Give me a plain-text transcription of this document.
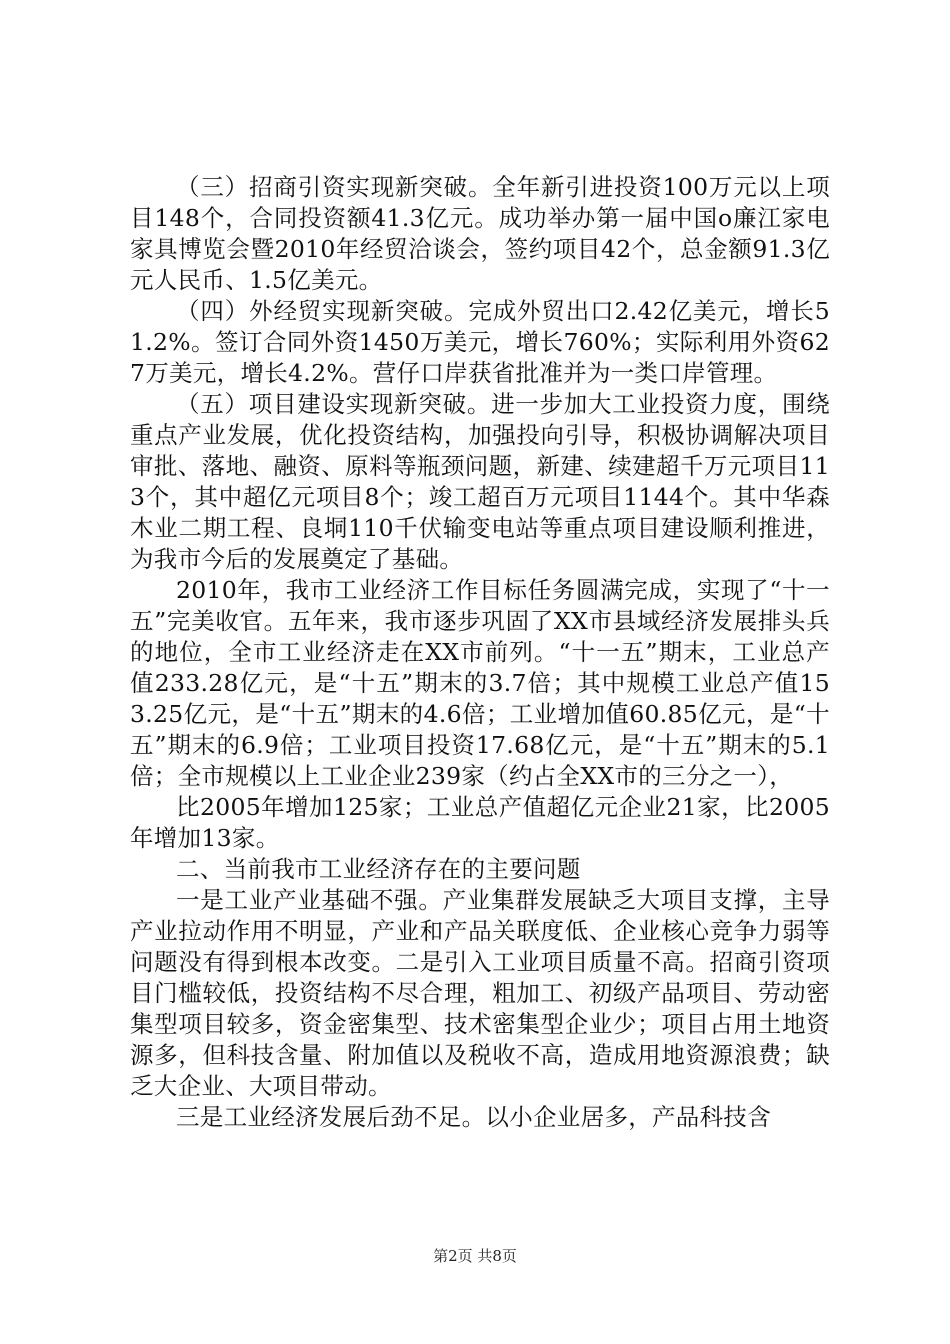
（三）招商引资实现新突破。全年新引进投资100万元以上项目148个，合同投资额41.3亿元。成功举办第一届中国o廉江家电家具博览会暨2010年经贸洽谈会，签约项目42个，总金额91.3亿元人民币、1.5亿美元。

（四）外经贸实现新突破。完成外贸出口2.42亿美元，增长51.2%。签订合同外资1450万美元，增长760%；实际利用外资627万美元，增长4.2%。营仔口岸获省批准并为一类口岸管理。

（五）项目建设实现新突破。进一步加大工业投资力度，围绕重点产业发展，优化投资结构，加强投向引导，积极协调解决项目审批、落地、融资、原料等瓶颈问题，新建、续建超千万元项目113个，其中超亿元项目8个；竣工超百万元项目1144个。其中华森木业二期工程、良垌110千伏输变电站等重点项目建设顺利推进，为我市今后的发展奠定了基础。

2010年，我市工业经济工作目标任务圆满完成，实现了“十一五”完美收官。五年来，我市逐步巩固了XX市县域经济发展排头兵的地位，全市工业经济走在XX市前列。“十一五”期末，工业总产值233.28亿元，是“十五”期末的3.7倍；其中规模工业总产值153.25亿元，是“十五”期末的4.6倍；工业增加值60.85亿元，是“十五”期末的6.9倍；工业项目投资17.68亿元，是“十五”期末的5.1倍；全市规模以上工业企业239家（约占全XX市的三分之一），

比2005年增加125家；工业总产值超亿元企业21家，比2005年增加13家。

二、当前我市工业经济存在的主要问题

一是工业产业基础不强。产业集群发展缺乏大项目支撑，主导产业拉动作用不明显，产业和产品关联度低、企业核心竞争力弱等问题没有得到根本改变。二是引入工业项目质量不高。招商引资项目门槛较低，投资结构不尽合理，粗加工、初级产品项目、劳动密集型项目较多，资金密集型、技术密集型企业少；项目占用土地资源多，但科技含量、附加值以及税收不高，造成用地资源浪费；缺乏大企业、大项目带动。

三是工业经济发展后劲不足。以小企业居多，产品科技含

第2页 共8页
